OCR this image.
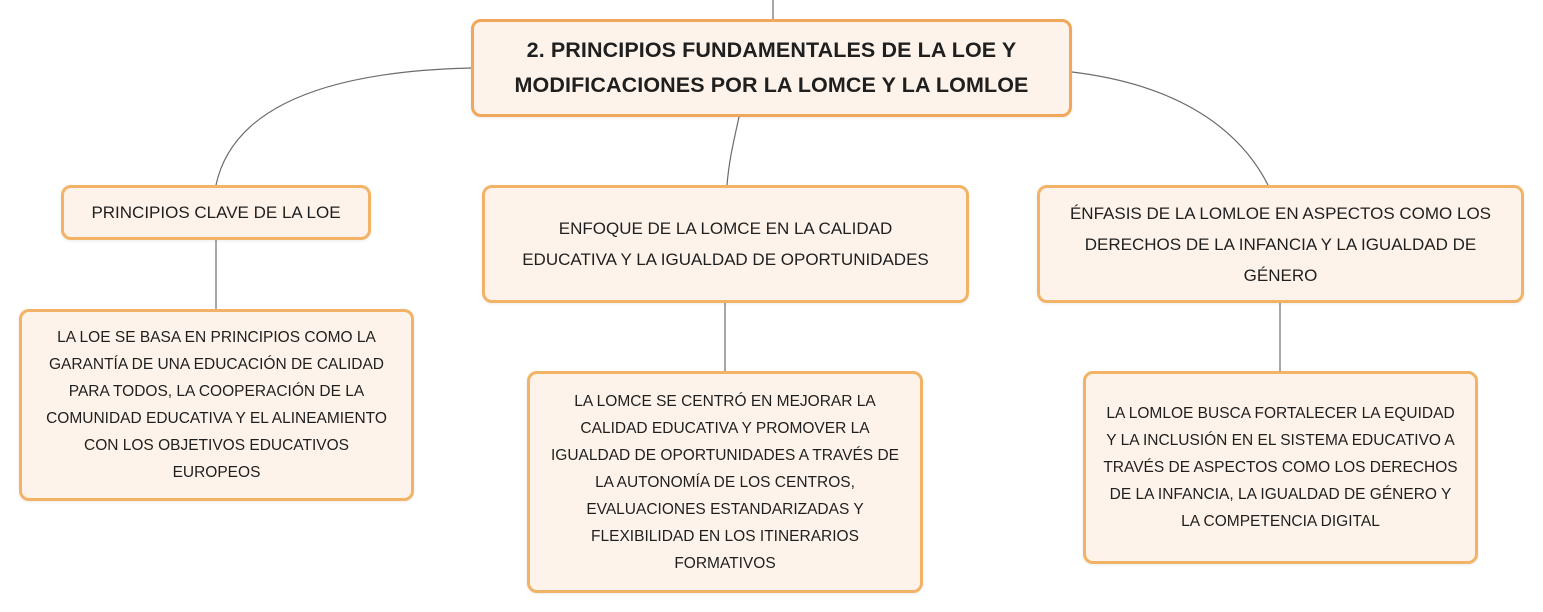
2. PRINCIPIOS FUNDAMENTALES DE LA LOE Y
MODIFICACIONES POR LA LOMCE Y LA LOMLOE
PRINCIPIOS CLAVE DE LA LOE
ENFOQUE DE LA LOMCE EN LA CALIDAD
EDUCATIVA Y LA IGUALDAD DE OPORTUNIDADES
ÉNFASIS DE LA LOMLOE EN ASPECTOS COMO LOS
DERECHOS DE LA INFANCIA Y LA IGUALDAD DE
GÉNERO
LA LOE SE BASA EN PRINCIPIOS COMO LA
GARANTÍA DE UNA EDUCACIÓN DE CALIDAD
PARA TODOS, LA COOPERACIÓN DE LA
COMUNIDAD EDUCATIVA Y EL ALINEAMIENTO
CON LOS OBJETIVOS EDUCATIVOS
EUROPEOS
LA LOMCE SE CENTRÓ EN MEJORAR LA
CALIDAD EDUCATIVA Y PROMOVER LA
IGUALDAD DE OPORTUNIDADES A TRAVÉS DE
LA AUTONOMÍA DE LOS CENTROS,
EVALUACIONES ESTANDARIZADAS Y
FLEXIBILIDAD EN LOS ITINERARIOS
FORMATIVOS
LA LOMLOE BUSCA FORTALECER LA EQUIDAD
Y LA INCLUSIÓN EN EL SISTEMA EDUCATIVO A
TRAVÉS DE ASPECTOS COMO LOS DERECHOS
DE LA INFANCIA, LA IGUALDAD DE GÉNERO Y
LA COMPETENCIA DIGITAL
